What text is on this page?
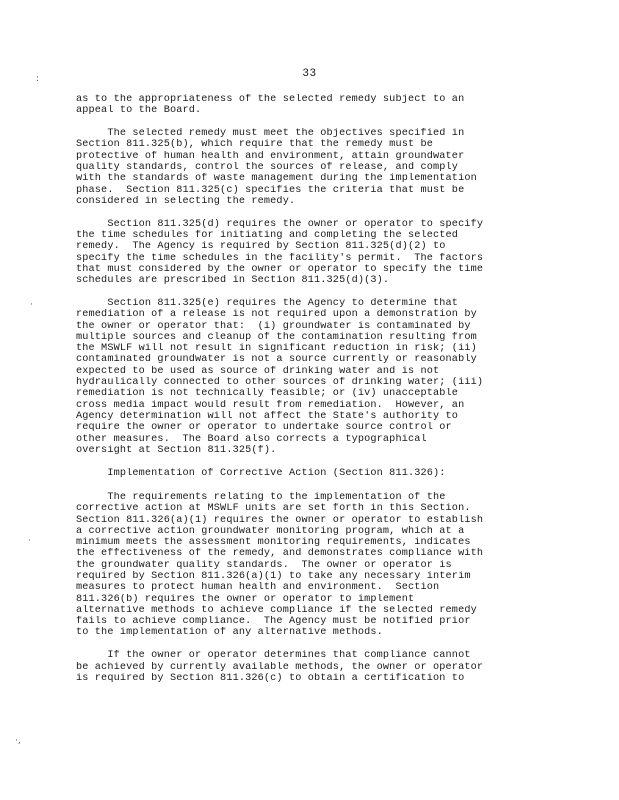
33
:
·
·
·,
as to the appropriateness of the selected remedy subject to an
appeal to the Board.
The selected remedy must meet the objectives specified in
Section 811.325(b), which require that the remedy must be
protective of human health and environment, attain groundwater
quality standards, control the sources of release, and comply
with the standards of waste management during the implementation
phase.  Section 811.325(c) specifies the criteria that must be
considered in selecting the remedy.
Section 811.325(d) requires the owner or operator to specify
the time schedules for initiating and completing the selected
remedy.  The Agency is required by Section 811.325(d)(2) to
specify the time schedules in the facility's permit.  The factors
that must considered by the owner or operator to specify the time
schedules are prescribed in Section 811.325(d)(3).
Section 811.325(e) requires the Agency to determine that
remediation of a release is not required upon a demonstration by
the owner or operator that:  (i) groundwater is contaminated by
multiple sources and cleanup of the contamination resulting from
the MSWLF will not result in significant reduction in risk; (ii)
contaminated groundwater is not a source currently or reasonably
expected to be used as source of drinking water and is not
hydraulically connected to other sources of drinking water; (iii)
remediation is not technically feasible; or (iv) unacceptable
cross media impact would result from remediation.  However, an
Agency determination will not affect the State's authority to
require the owner or operator to undertake source control or
other measures.  The Board also corrects a typographical
oversight at Section 811.325(f).
Implementation of Corrective Action (Section 811.326):
The requirements relating to the implementation of the
corrective action at MSWLF units are set forth in this Section.
Section 811.326(a)(1) requires the owner or operator to establish
a corrective action groundwater monitoring program, which at a
minimum meets the assessment monitoring requirements, indicates
the effectiveness of the remedy, and demonstrates compliance with
the groundwater quality standards.  The owner or operator is
required by Section 811.326(a)(1) to take any necessary interim
measures to protect human health and environment.  Section
811.326(b) requires the owner or operator to implement
alternative methods to achieve compliance if the selected remedy
fails to achieve compliance.  The Agency must be notified prior
to the implementation of any alternative methods.
If the owner or operator determines that compliance cannot
be achieved by currently available methods, the owner or operator
is required by Section 811.326(c) to obtain a certification to
